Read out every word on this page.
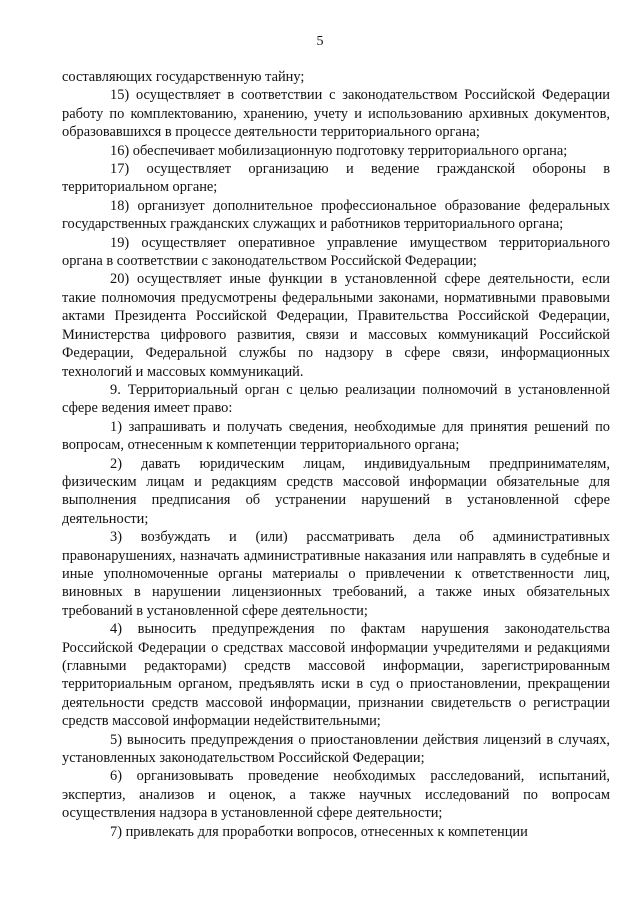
5

составляющих государственную тайну;

15) осуществляет в соответствии с законодательством Российской Федерации работу по комплектованию, хранению, учету и использованию архивных документов, образовавшихся в процессе деятельности территориального органа;

16) обеспечивает мобилизационную подготовку территориального органа;

17) осуществляет организацию и ведение гражданской обороны в территориальном органе;

18) организует дополнительное профессиональное образование федеральных государственных гражданских служащих и работников территориального органа;

19) осуществляет оперативное управление имуществом территориального органа в соответствии с законодательством Российской Федерации;

20) осуществляет иные функции в установленной сфере деятельности, если такие полномочия предусмотрены федеральными законами, нормативными правовыми актами Президента Российской Федерации, Правительства Российской Федерации, Министерства цифрового развития, связи и массовых коммуникаций Российской Федерации, Федеральной службы по надзору в сфере связи, информационных технологий и массовых коммуникаций.

9. Территориальный орган с целью реализации полномочий в установленной сфере ведения имеет право:

1) запрашивать и получать сведения, необходимые для принятия решений по вопросам, отнесенным к компетенции территориального органа;

2) давать юридическим лицам, индивидуальным предпринимателям, физическим лицам и редакциям средств массовой информации обязательные для выполнения предписания об устранении нарушений в установленной сфере деятельности;

3) возбуждать и (или) рассматривать дела об административных правонарушениях, назначать административные наказания или направлять в судебные и иные уполномоченные органы материалы о привлечении к ответственности лиц, виновных в нарушении лицензионных требований, а также иных обязательных требований в установленной сфере деятельности;

4) выносить предупреждения по фактам нарушения законодательства Российской Федерации о средствах массовой информации учредителями и редакциями (главными редакторами) средств массовой информации, зарегистрированным территориальным органом, предъявлять иски в суд о приостановлении, прекращении деятельности средств массовой информации, признании свидетельств о регистрации средств массовой информации недействительными;

5) выносить предупреждения о приостановлении действия лицензий в случаях, установленных законодательством Российской Федерации;

6) организовывать проведение необходимых расследований, испытаний, экспертиз, анализов и оценок, а также научных исследований по вопросам осуществления надзора в установленной сфере деятельности;

7) привлекать для проработки вопросов, отнесенных к компетенции
